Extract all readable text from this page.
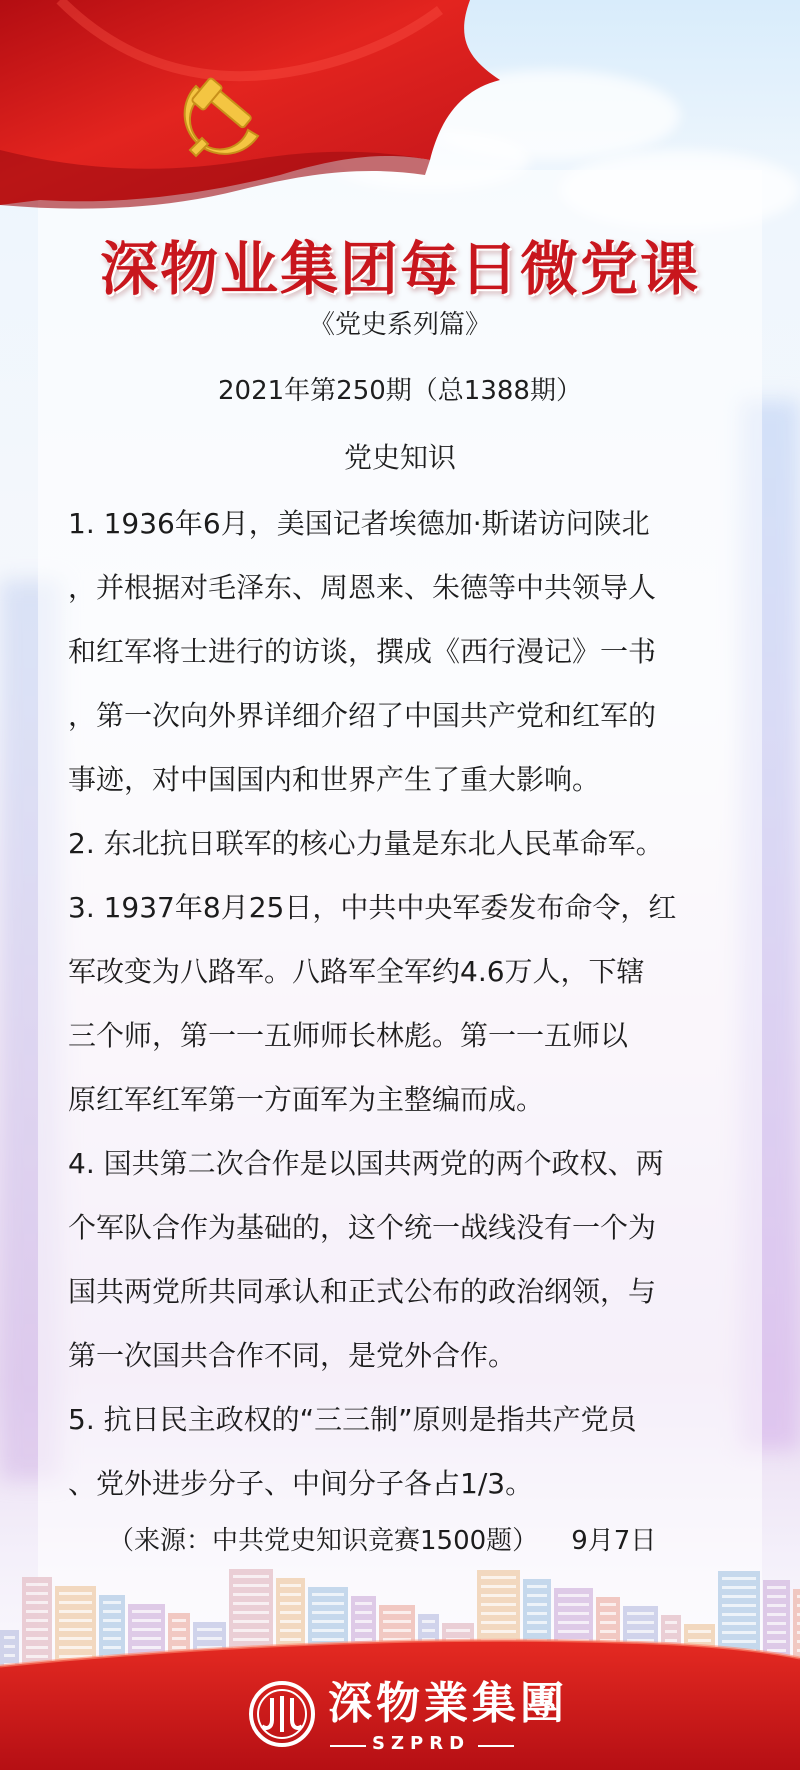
深物业集团每日微党课
《党史系列篇》
2021年第250期（总1388期）
党史知识
1. 1936年6月，美国记者埃德加·斯诺访问陕北
，并根据对毛泽东、周恩来、朱德等中共领导人
和红军将士进行的访谈，撰成《西行漫记》一书
，第一次向外界详细介绍了中国共产党和红军的
事迹，对中国国内和世界产生了重大影响。
2. 东北抗日联军的核心力量是东北人民革命军。
3. 1937年8月25日，中共中央军委发布命令，红
军改变为八路军。八路军全军约4.6万人，下辖
三个师，第一一五师师长林彪。第一一五师以
原红军红军第一方面军为主整编而成。
4. 国共第二次合作是以国共两党的两个政权、两
个军队合作为基础的，这个统一战线没有一个为
国共两党所共同承认和正式公布的政治纲领，与
第一次国共合作不同，是党外合作。
5. 抗日民主政权的“三三制”原则是指共产党员
、党外进步分子、中间分子各占1/3。
（来源：中共党史知识竞赛1500题） 9月7日
深物業集團
SZPRD
